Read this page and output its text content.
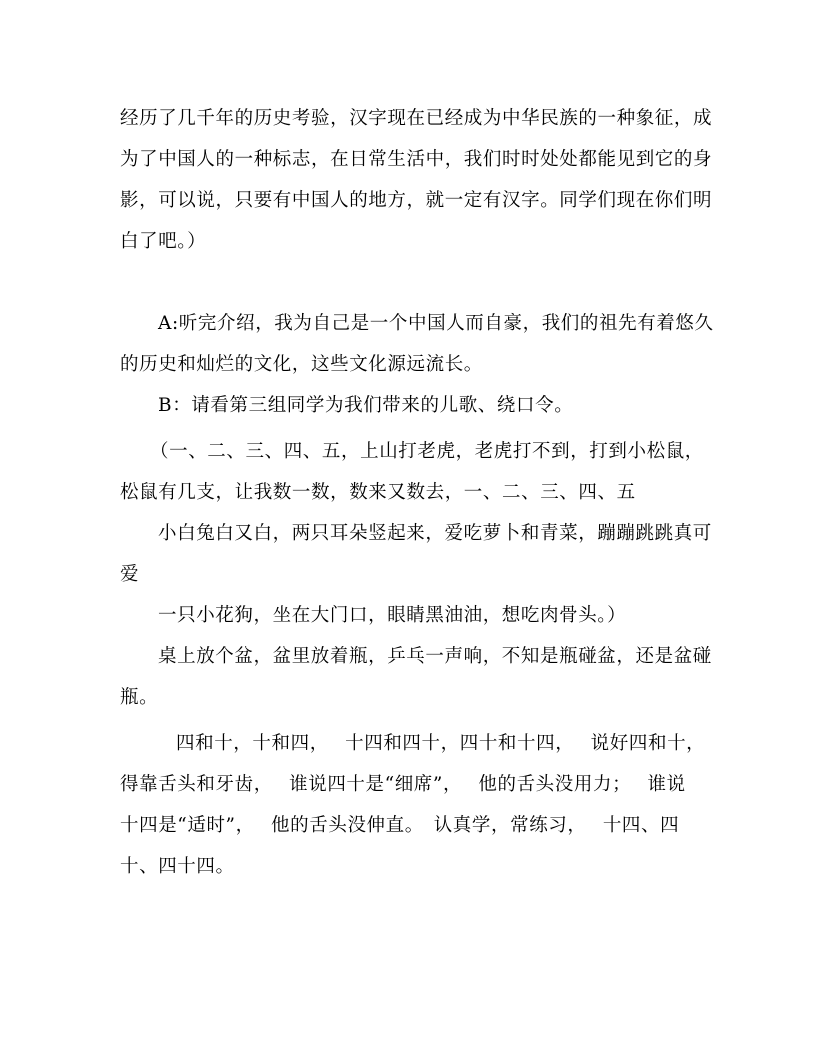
经历了几千年的历史考验，汉字现在已经成为中华民族的一种象征，成
为了中国人的一种标志，在日常生活中，我们时时处处都能见到它的身
影，可以说，只要有中国人的地方，就一定有汉字。同学们现在你们明
白了吧。）
A:听完介绍，我为自己是一个中国人而自豪，我们的祖先有着悠久
的历史和灿烂的文化，这些文化源远流长。
B：请看第三组同学为我们带来的儿歌、绕口令。
（一、二、三、四、五，上山打老虎，老虎打不到，打到小松鼠，
松鼠有几支，让我数一数，数来又数去，一、二、三、四、五
小白兔白又白，两只耳朵竖起来，爱吃萝卜和青菜，蹦蹦跳跳真可
爱
一只小花狗，坐在大门口，眼睛黑油油，想吃肉骨头。）
桌上放个盆，盆里放着瓶，乒乓一声响，不知是瓶碰盆，还是盆碰
瓶。
四和十，十和四，　 十四和四十，四十和十四，　 说好四和十，
得靠舌头和牙齿，　 谁说四十是“细席”，　 他的舌头没用力；　 谁说
十四是“适时”，　 他的舌头没伸直。　认真学，常练习，　 十四、四
十、四十四。
